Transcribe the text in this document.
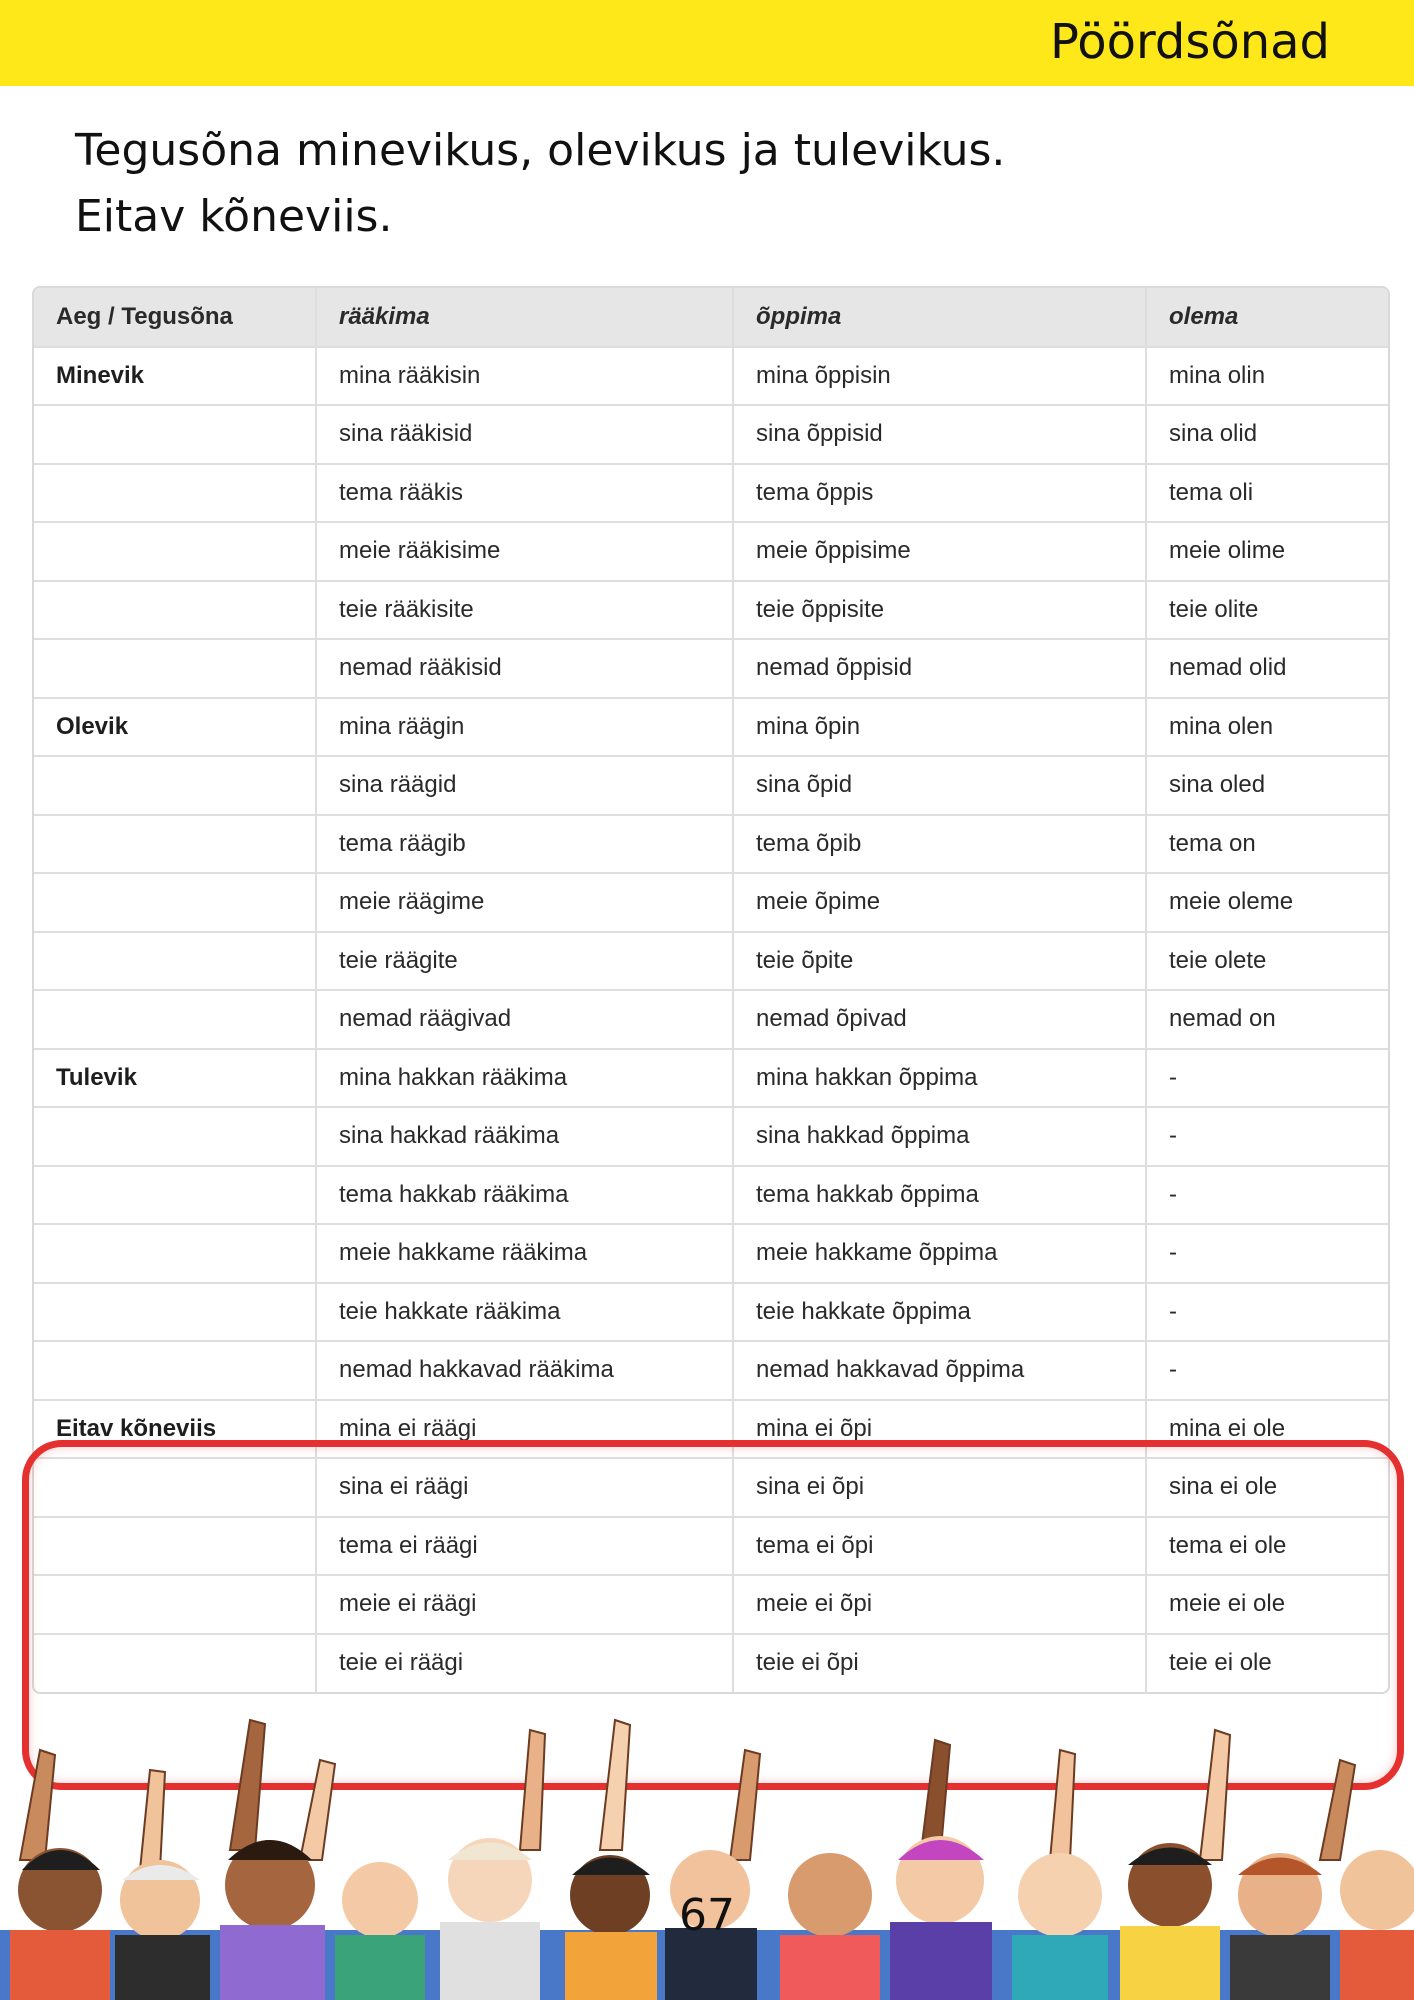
Pöördsõnad
Tegusõna minevikus, olevikus ja tulevikus.
Eitav kõneviis.
Aeg / Tegusõna	rääkima	õppima	olema
Minevik	mina rääkisin	mina õppisin	mina olin
	sina rääkisid	sina õppisid	sina olid
	tema rääkis	tema õppis	tema oli
	meie rääkisime	meie õppisime	meie olime
	teie rääkisite	teie õppisite	teie olite
	nemad rääkisid	nemad õppisid	nemad olid
Olevik	mina räägin	mina õpin	mina olen
	sina räägid	sina õpid	sina oled
	tema räägib	tema õpib	tema on
	meie räägime	meie õpime	meie oleme
	teie räägite	teie õpite	teie olete
	nemad räägivad	nemad õpivad	nemad on
Tulevik	mina hakkan rääkima	mina hakkan õppima	-
	sina hakkad rääkima	sina hakkad õppima	-
	tema hakkab rääkima	tema hakkab õppima	-
	meie hakkame rääkima	meie hakkame õppima	-
	teie hakkate rääkima	teie hakkate õppima	-
	nemad hakkavad rääkima	nemad hakkavad õppima	-
Eitav kõneviis	mina ei räägi	mina ei õpi	mina ei ole
	sina ei räägi	sina ei õpi	sina ei ole
	tema ei räägi	tema ei õpi	tema ei ole
	meie ei räägi	meie ei õpi	meie ei ole
	teie ei räägi	teie ei õpi	teie ei ole
67
